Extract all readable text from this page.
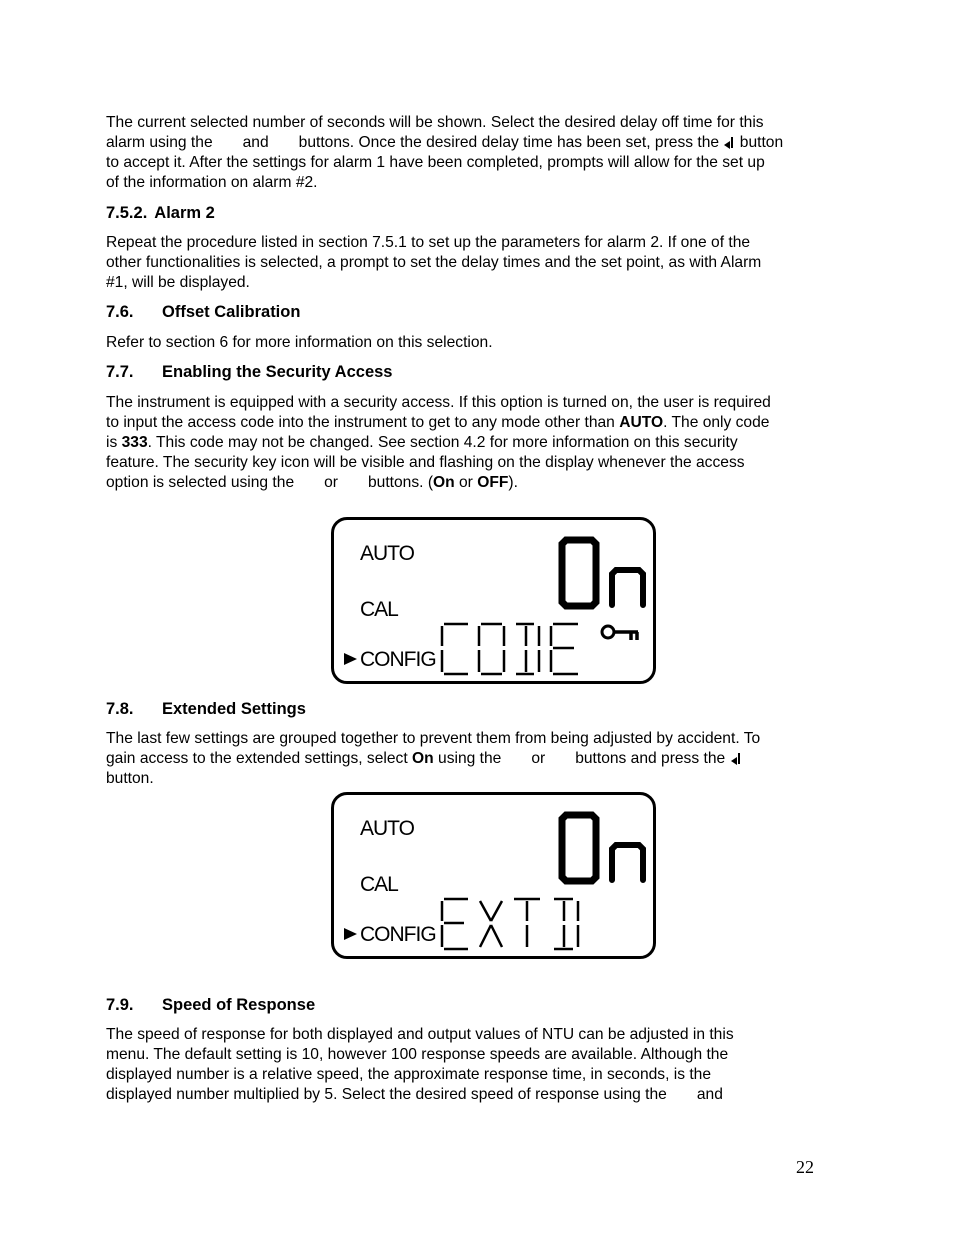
The current selected number of seconds will be shown. Select the desired delay off time for this

alarm using the and buttons. Once the desired delay time has been set, press the button

to accept it. After the settings for alarm 1 have been completed, prompts will allow for the set up

of the information on alarm #2.

7.5.2. Alarm 2

Repeat the procedure listed in section 7.5.1 to set up the parameters for alarm 2. If one of the

other functionalities is selected, a prompt to set the delay times and the set point, as with Alarm

#1, will be displayed.

7.6. Offset Calibration

Refer to section 6 for more information on this selection.

7.7. Enabling the Security Access

The instrument is equipped with a security access. If this option is turned on, the user is required

to input the access code into the instrument to get to any mode other than AUTO. The only code

is 333. This code may not be changed. See section 4.2 for more information on this security

feature. The security key icon will be visible and flashing on the display whenever the access

option is selected using the or buttons. (On or OFF).

AUTO
CAL
CONFIG
7.8. Extended Settings

The last few settings are grouped together to prevent them from being adjusted by accident. To

gain access to the extended settings, select On using the or buttons and press the

button.

AUTO
CAL
CONFIG
7.9. Speed of Response

The speed of response for both displayed and output values of NTU can be adjusted in this

menu. The default setting is 10, however 100 response speeds are available. Although the

displayed number is a relative speed, the approximate response time, in seconds, is the

displayed number multiplied by 5. Select the desired speed of response using the and

22
